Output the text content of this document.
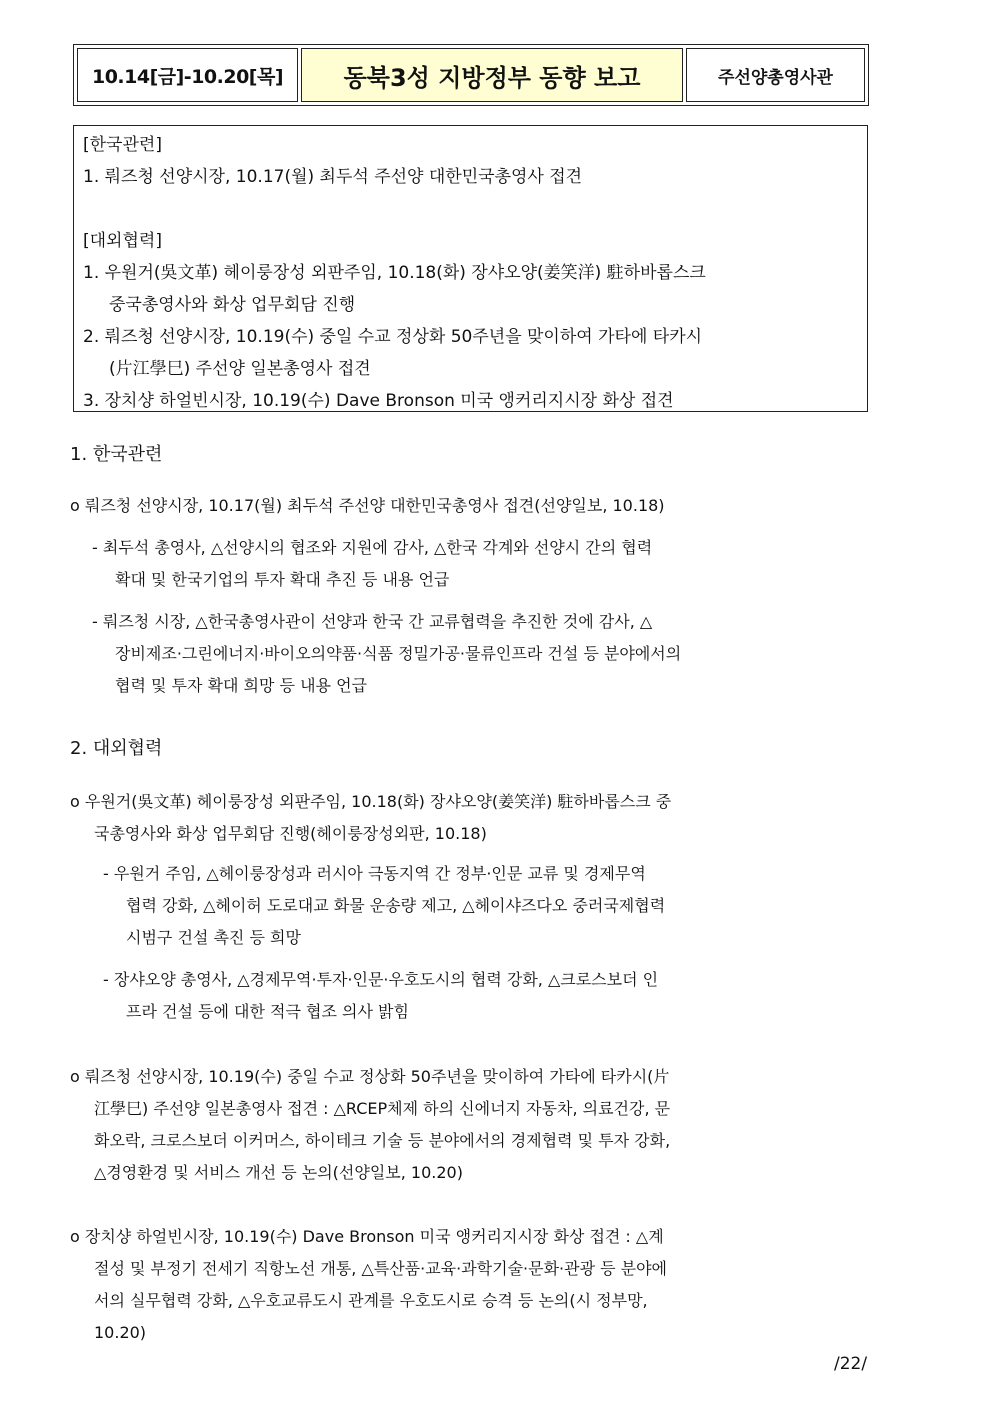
10.14[금]-10.20[목]	동북3성 지방정부 동향 보고	주선양총영사관
[한국관련]
1. 뤄즈청 선양시장, 10.17(월) 최두석 주선양 대한민국총영사 접견
[대외협력]
1. 우원거(吳文革) 헤이룽장성 외판주임, 10.18(화) 장샤오양(姜笑洋) 駐하바롭스크
중국총영사와 화상 업무회담 진행
2. 뤄즈청 선양시장, 10.19(수) 중일 수교 정상화 50주년을 맞이하여 가타에 타카시
(片江學巳) 주선양 일본총영사 접견
3. 장치샹 하얼빈시장, 10.19(수) Dave Bronson 미국 앵커리지시장 화상 접견
1. 한국관련
o 뤄즈청 선양시장, 10.17(월) 최두석 주선양 대한민국총영사 접견(선양일보, 10.18)
- 최두석 총영사, △선양시의 협조와 지원에 감사, △한국 각계와 선양시 간의 협력
확대 및 한국기업의 투자 확대 추진 등 내용 언급
- 뤄즈청 시장, △한국총영사관이 선양과 한국 간 교류협력을 추진한 것에 감사, △
장비제조·그린에너지·바이오의약품·식품 정밀가공·물류인프라 건설 등 분야에서의
협력 및 투자 확대 희망 등 내용 언급
2. 대외협력
o 우원거(吳文革) 헤이룽장성 외판주임, 10.18(화) 장샤오양(姜笑洋) 駐하바롭스크 중
국총영사와 화상 업무회담 진행(헤이룽장성외판, 10.18)
- 우원거 주임, △헤이룽장성과 러시아 극동지역 간 정부·인문 교류 및 경제무역
협력 강화, △헤이허 도로대교 화물 운송량 제고, △헤이샤즈다오 중러국제협력
시범구 건설 촉진 등 희망
- 장샤오양 총영사, △경제무역·투자·인문·우호도시의 협력 강화, △크로스보더 인
프라 건설 등에 대한 적극 협조 의사 밝힘
o 뤄즈청 선양시장, 10.19(수) 중일 수교 정상화 50주년을 맞이하여 가타에 타카시(片
江學巳) 주선양 일본총영사 접견 : △RCEP체제 하의 신에너지 자동차, 의료건강, 문
화오락, 크로스보더 이커머스, 하이테크 기술 등 분야에서의 경제협력 및 투자 강화,
△경영환경 및 서비스 개선 등 논의(선양일보, 10.20)
o 장치샹 하얼빈시장, 10.19(수) Dave Bronson 미국 앵커리지시장 화상 접견 : △계
절성 및 부정기 전세기 직항노선 개통, △특산품·교육·과학기술·문화·관광 등 분야에
서의 실무협력 강화, △우호교류도시 관계를 우호도시로 승격 등 논의(시 정부망,
10.20)
/22/
